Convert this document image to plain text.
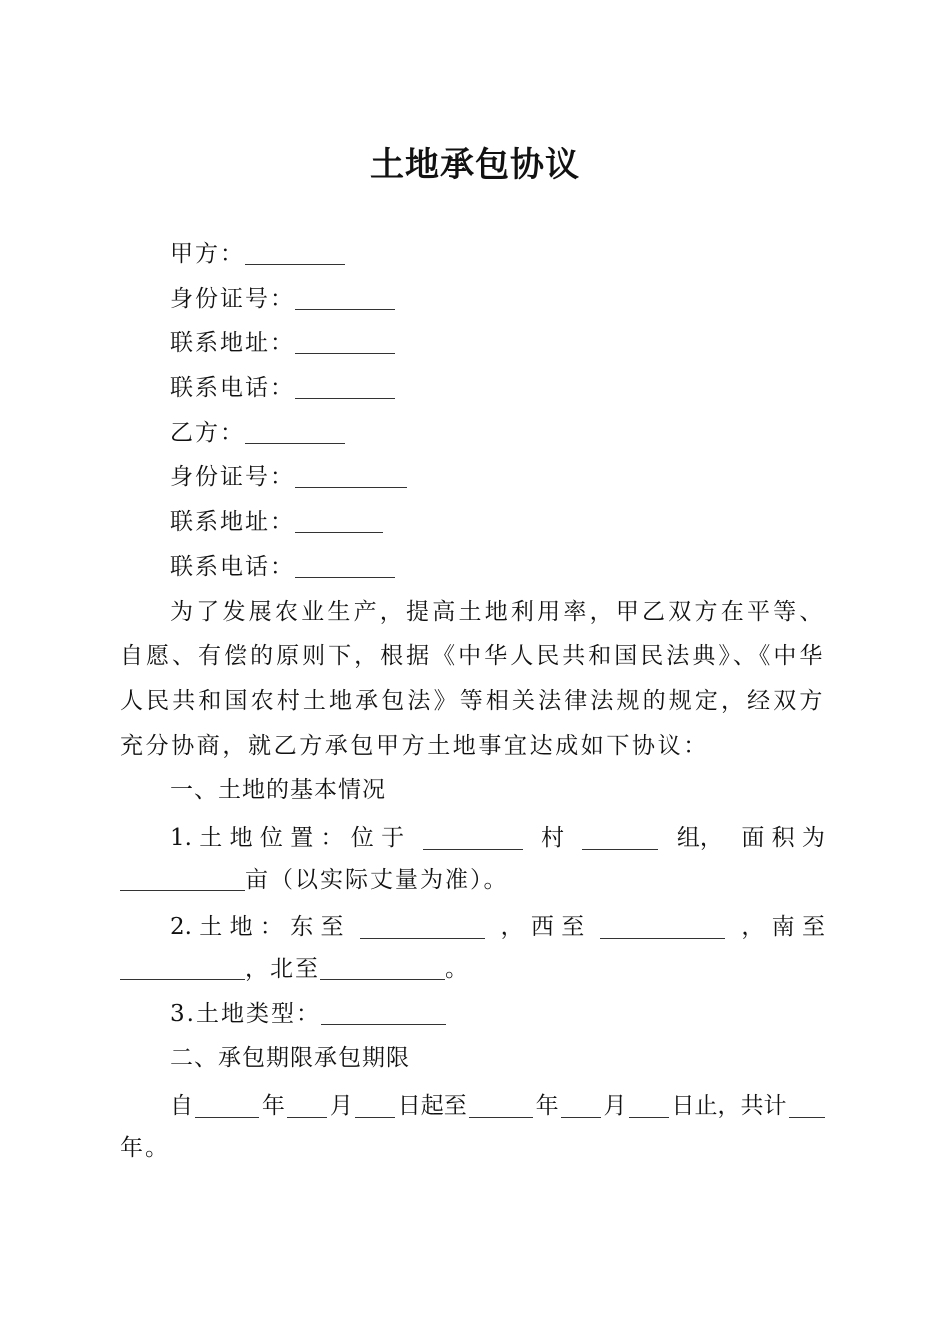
土地承包协议
甲方：
身份证号：
联系地址：
联系电话：
乙方：
身份证号：
联系地址：
联系电话：
为了发展农业生产，提高土地利用率，甲乙双方在平等、自愿、有偿的原则下，根据《中华人民共和国民法典》、《中华人民共和国农村土地承包法》等相关法律法规的规定，经双方充分协商，就乙方承包甲方土地事宜达成如下协议：
一、土地的基本情况
1. 土 地 位 置 ： 位 于	村	组， 面 积 为
亩（以实际丈量为准）。
2. 土 地 ： 东 至	， 西 至	， 南 至
，北至	。
3.土地类型：
二、承包期限承包期限
自	年 月 日起至	年 月 日止，共计
年。
